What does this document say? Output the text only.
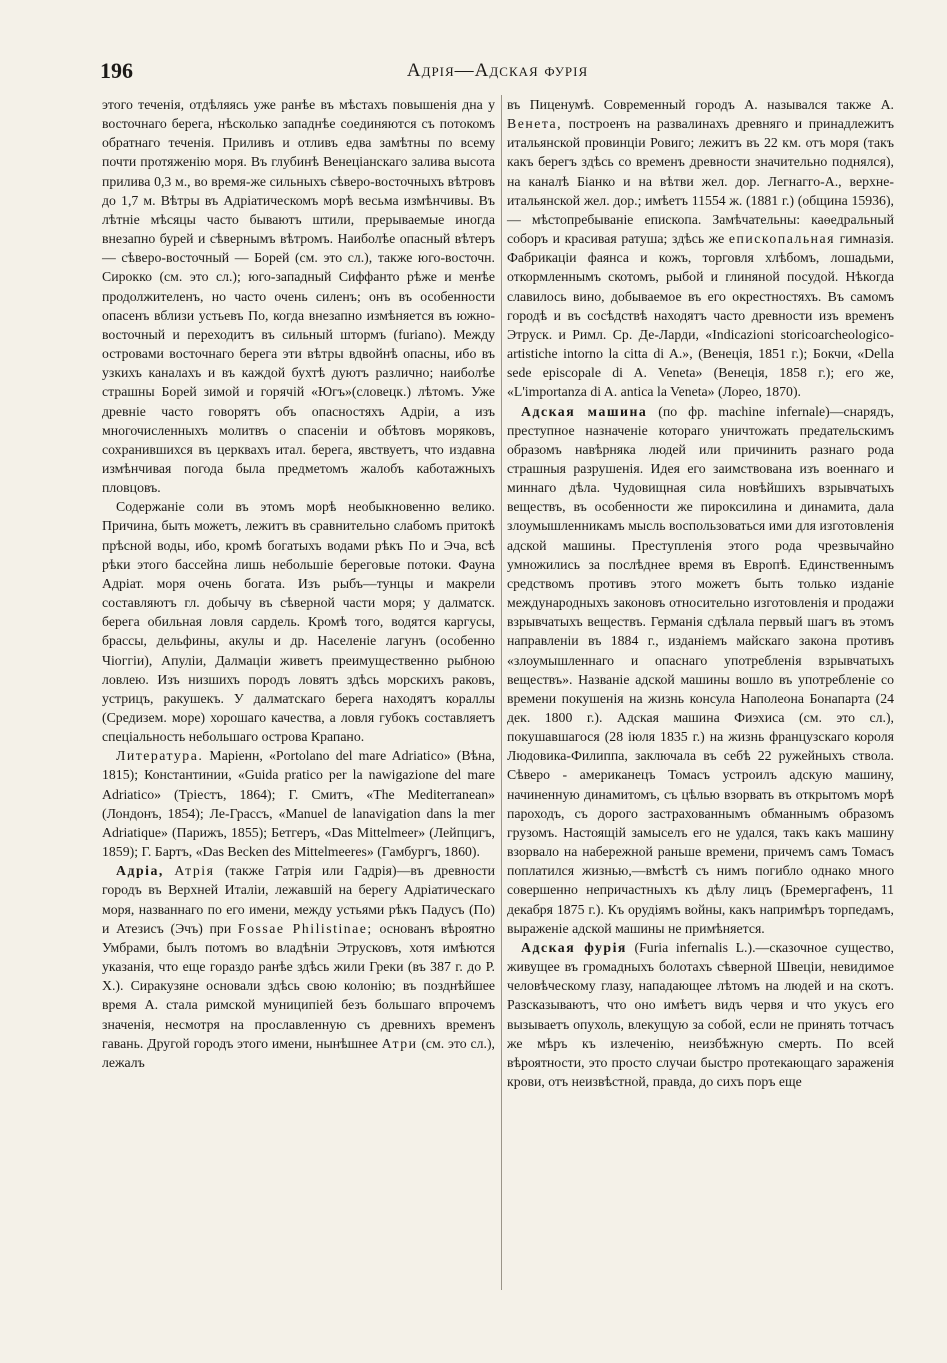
196	Адрія—Адская фурія

этого теченія, отдѣляясь уже ранѣе въ мѣстахъ повышенія дна у восточнаго берега, нѣсколько западнѣе соединяются съ потокомъ обратнаго теченія. Приливъ и отливъ едва замѣтны по всему почти протяженію моря. Въ глубинѣ Венеціанскаго залива высота прилива 0,3 м., во время-же сильныхъ сѣверо-восточныхъ вѣтровъ до 1,7 м. Вѣтры въ Адріатическомъ морѣ весьма измѣнчивы. Въ лѣтніе мѣсяцы часто бываютъ штили, прерываемые иногда внезапно бурей и сѣвернымъ вѣтромъ. Наиболѣе опасный вѣтеръ — сѣверо-восточный — Борей (см. это сл.), также юго-восточн. Сирокко (см. это сл.); юго-западный Сиффанто рѣже и менѣе продолжителенъ, но часто очень силенъ; онъ въ особенности опасенъ вблизи устьевъ По, когда внезапно измѣняется въ южно-восточный и переходитъ въ сильный штормъ (furiano). Между островами восточнаго берега эти вѣтры вдвойнѣ опасны, ибо въ узкихъ каналахъ и въ каждой бухтѣ дуютъ различно; наиболѣе страшны Борей зимой и горячій «Югъ»(словецк.) лѣтомъ. Уже древніе часто говорятъ объ опасностяхъ Адріи, а изъ многочисленныхъ молитвъ о спасеніи и обѣтовъ моряковъ, сохранившихся въ церквахъ итал. берега, явствуетъ, что издавна измѣнчивая погода была предметомъ жалобъ каботажныхъ пловцовъ.

Содержаніе соли въ этомъ морѣ необыкновенно велико. Причина, быть можетъ, лежитъ въ сравнительно слабомъ притокѣ прѣсной воды, ибо, кромѣ богатыхъ водами рѣкъ По и Эча, всѣ рѣки этого бассейна лишь небольшіе береговые потоки. Фауна Адріат. моря очень богата. Изъ рыбъ—тунцы и макрели составляютъ гл. добычу въ сѣверной части моря; у далматск. берега обильная ловля сардель. Кромѣ того, водятся каргусы, брассы, дельфины, акулы и др. Населеніе лагунъ (особенно Чіоггіи), Апуліи, Далмаціи живетъ преимущественно рыбною ловлею. Изъ низшихъ породъ ловятъ здѣсь морскихъ раковъ, устрицъ, ракушекъ. У далматскаго берега находятъ кораллы (Средизем. море) хорошаго качества, а ловля губокъ составляетъ спеціальность небольшаго острова Крапано.

Литература. Маріенн, «Portolano del mare Adriatico» (Вѣна, 1815); Константинии, «Guida pratico per la nawigazione del mare Adriatico» (Тріестъ, 1864); Г. Смитъ, «The Mediterranean» (Лондонъ, 1854); Ле-Грассъ, «Manuel de lanavigation dans la mer Adriatique» (Парижъ, 1855); Бетгеръ, «Das Mittelmeer» (Лейпцигъ, 1859); Г. Бартъ, «Das Becken des Mittelmeeres» (Гамбургъ, 1860).

Адріа, Атрія (также Гатрія или Гадрія)—въ древности городъ въ Верхней Италіи, лежавшій на берегу Адріатическаго моря, названнаго по его имени, между устьями рѣкъ Падусъ (По) и Атезисъ (Эчъ) при Fossae Philistinae; основанъ вѣроятно Умбрами, былъ потомъ во владѣніи Этрусковъ, хотя имѣются указанія, что еще гораздо ранѣе здѣсь жили Греки (въ 387 г. до Р. Х.). Сиракузяне основали здѣсь свою колонію; въ позднѣйшее время А. стала римской муниципіей безъ большаго впрочемъ значенія, несмотря на прославленную съ древнихъ временъ гавань. Другой городъ этого имени, нынѣшнее Атри (см. это сл.), лежалъ

въ Пиценумѣ. Современный городъ А. назывался также А. Венета, построенъ на развалинахъ древняго и принадлежитъ итальянской провинціи Ровиго; лежитъ въ 22 км. отъ моря (такъ какъ берегъ здѣсь со временъ древности значительно поднялся), на каналѣ Біанко и на вѣтви жел. дор. Легнагго-А., верхне-итальянской жел. дор.; имѣетъ 11554 ж. (1881 г.) (община 15936), — мѣстопребываніе епископа. Замѣчательны: каѳедральный соборъ и красивая ратуша; здѣсь же епископальная гимназія. Фабрикаціи фаянса и кожъ, торговля хлѣбомъ, лошадьми, откормленнымъ скотомъ, рыбой и глиняной посудой. Нѣкогда славилось вино, добываемое въ его окрестностяхъ. Въ самомъ городѣ и въ сосѣдствѣ находятъ часто древности изъ временъ Этруск. и Римл. Ср. Де-Ларди, «Indicazioni storicoarcheologico-artistiche intorno la citta di A.», (Венеція, 1851 г.); Бокчи, «Della sede episcopale di A. Veneta» (Венеція, 1858 г.); его же, «L'importanza di A. antica la Veneta» (Лорео, 1870).

Адская машина (по фр. machine infernale)—снарядъ, преступное назначеніе котораго уничтожать предательскимъ образомъ навѣрняка людей или причинить разнаго рода страшныя разрушенія. Идея его заимствована изъ военнаго и миннаго дѣла. Чудовищная сила новѣйшихъ взрывчатыхъ веществъ, въ особенности же пироксилина и динамита, дала злоумышленникамъ мысль воспользоваться ими для изготовленія адской машины. Преступленія этого рода чрезвычайно умножились за послѣднее время въ Европѣ. Единственнымъ средствомъ противъ этого можетъ быть только изданіе международныхъ законовъ относительно изготовленія и продажи взрывчатыхъ веществъ. Германія сдѣлала первый шагъ въ этомъ направленіи въ 1884 г., изданіемъ майскаго закона противъ «злоумышленнаго и опаснаго употребленія взрывчатыхъ веществъ». Названіе адской машины вошло въ употребленіе со времени покушенія на жизнь консула Наполеона Бонапарта (24 дек. 1800 г.). Адская машина Фиэхиса (см. это сл.), покушавшагося (28 іюля 1835 г.) на жизнь французскаго короля Людовика-Филиппа, заключала въ себѣ 22 ружейныхъ ствола. Сѣверо - американецъ Томасъ устроилъ адскую машину, начиненную динамитомъ, съ цѣлью взорвать въ открытомъ морѣ пароходъ, съ дорого застрахованнымъ обманнымъ образомъ грузомъ. Настоящій замыселъ его не удался, такъ какъ машину взорвало на набережной раньше времени, причемъ самъ Томасъ поплатился жизнью,—вмѣстѣ съ нимъ погибло однако много совершенно непричастныхъ къ дѣлу лицъ (Бремергафенъ, 11 декабря 1875 г.). Къ орудіямъ войны, какъ напримѣръ торпедамъ, выраженіе адской машины не примѣняется.

Адская фурія (Furia infernalis L.).—сказочное существо, живущее въ громадныхъ болотахъ сѣверной Швеціи, невидимое человѣческому глазу, нападающее лѣтомъ на людей и на скотъ. Разсказываютъ, что оно имѣетъ видъ червя и что укусъ его вызываетъ опухоль, влекущую за собой, если не принять тотчасъ же мѣръ къ излеченію, неизбѣжную смерть. По всей вѣроятности, это просто случаи быстро протекающаго зараженія крови, отъ неизвѣстной, правда, до сихъ поръ еще
